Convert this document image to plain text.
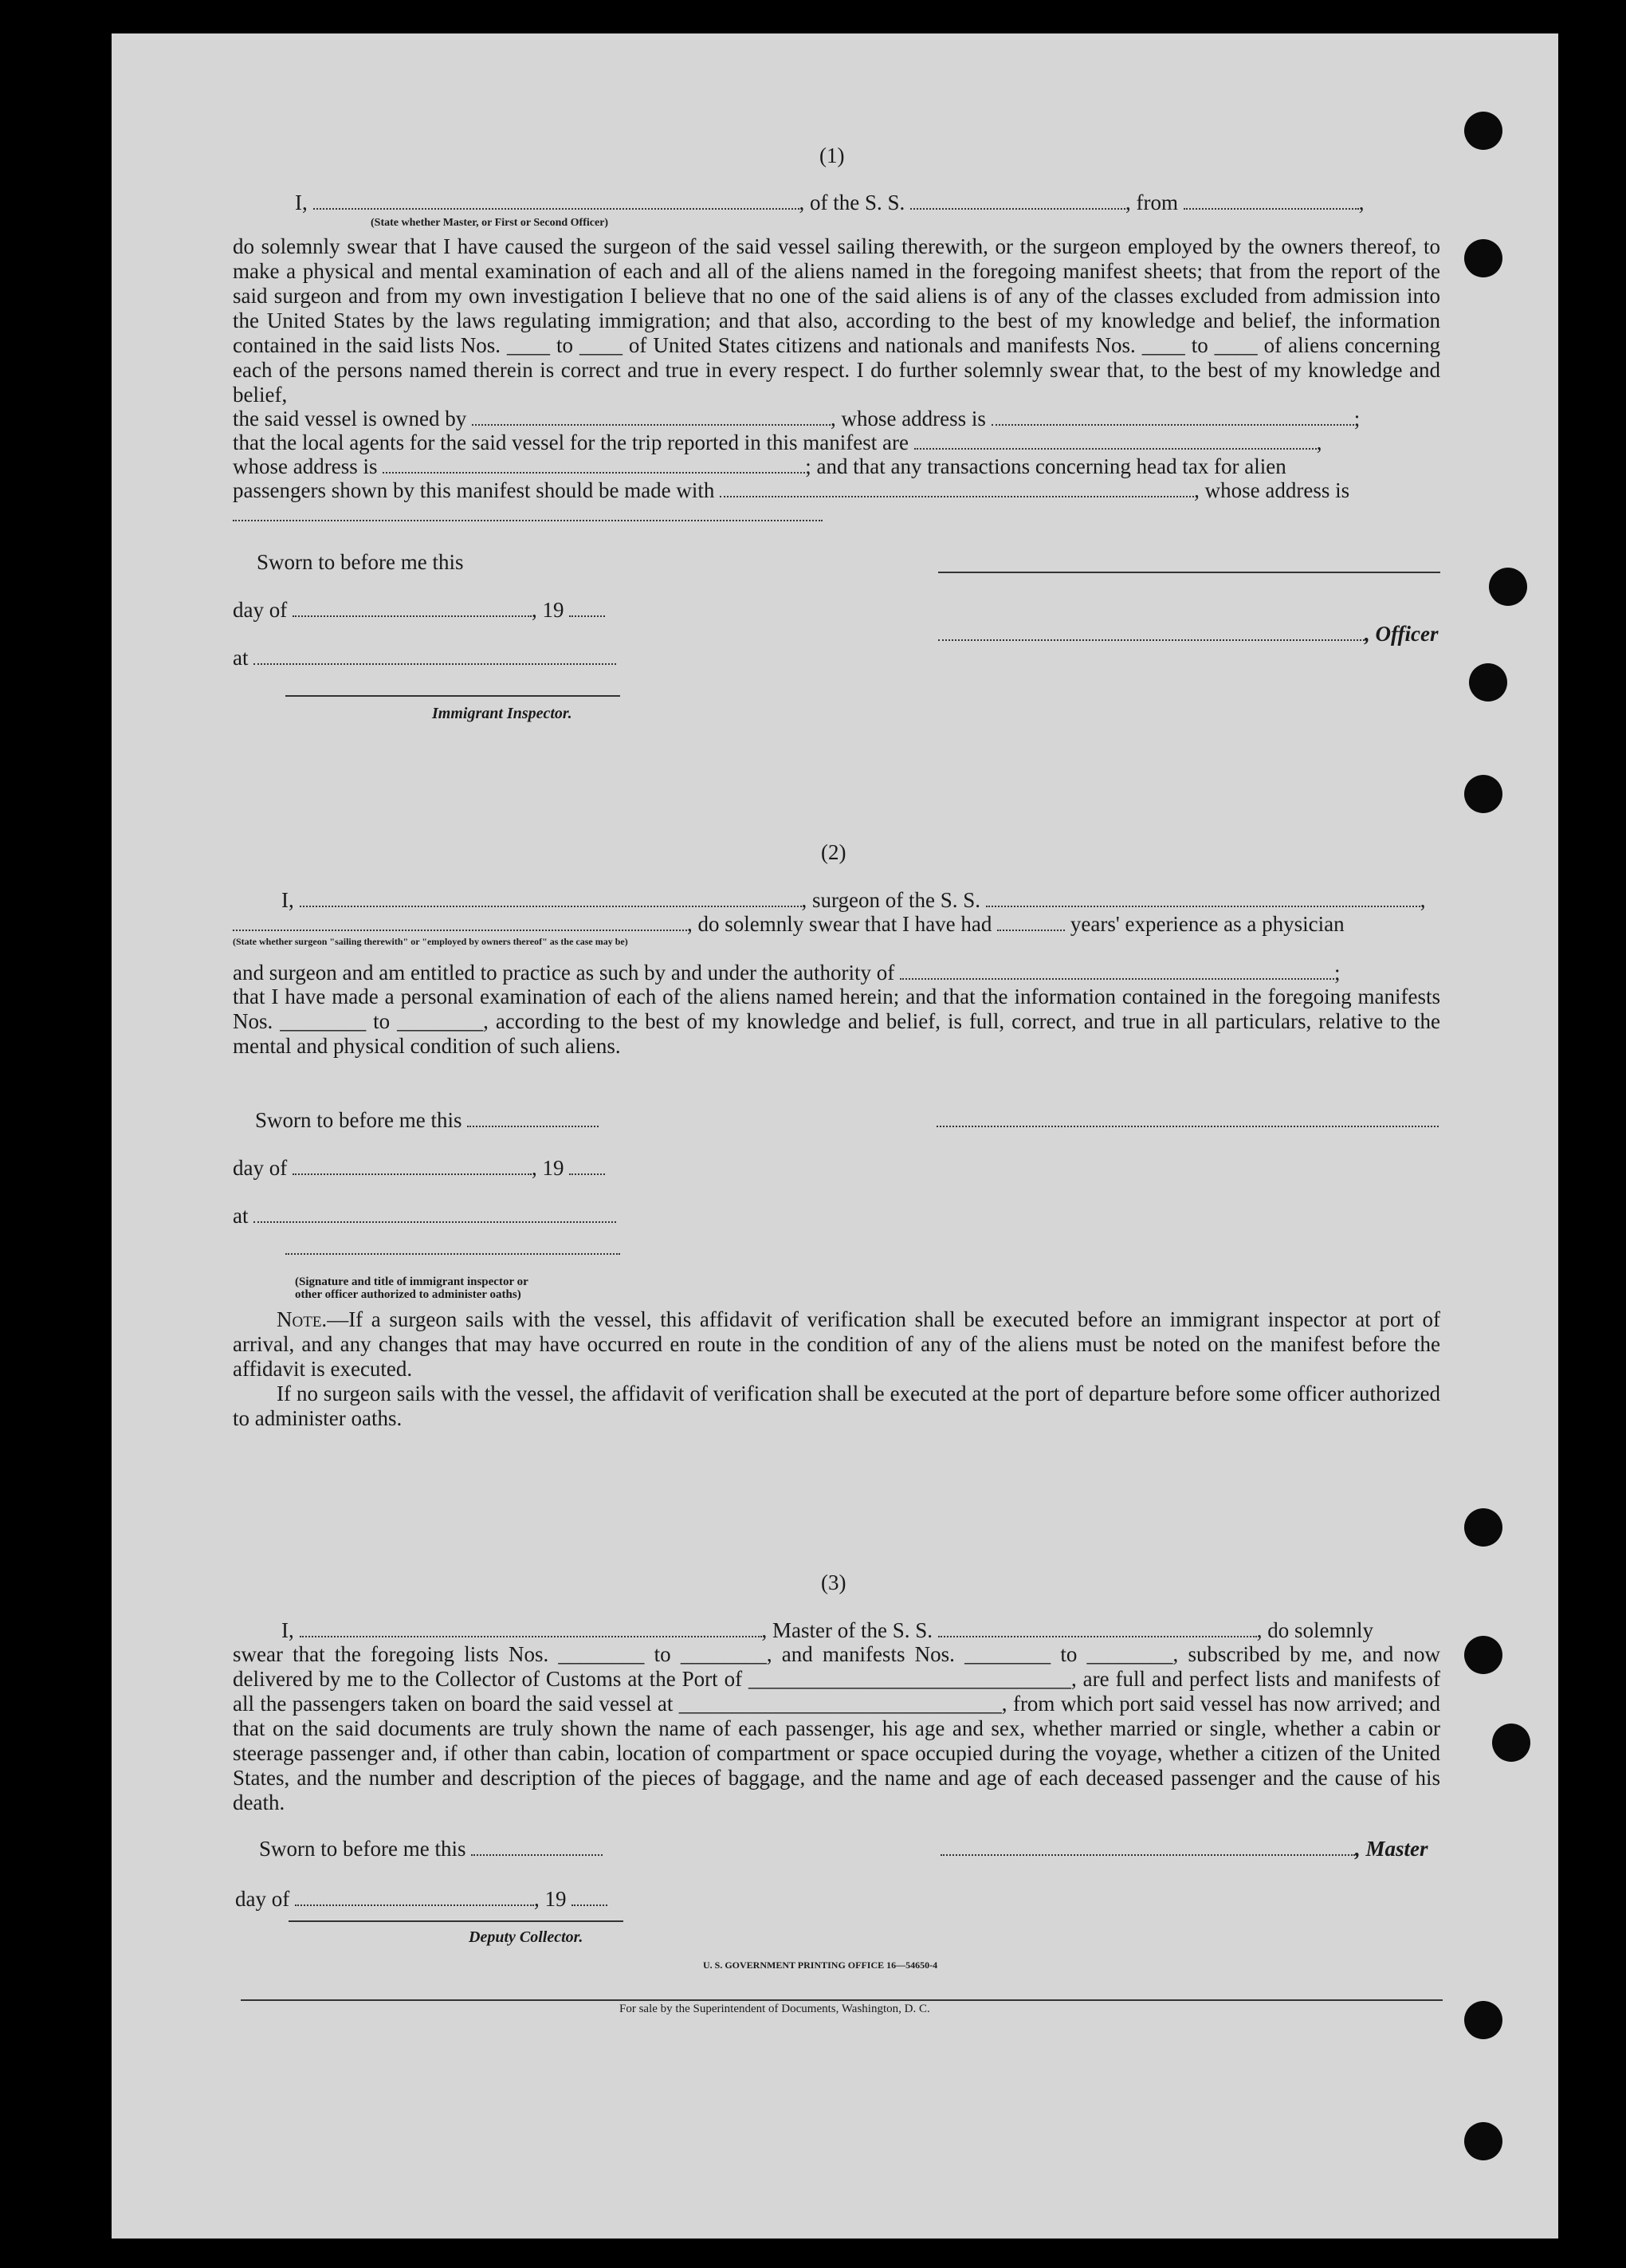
(1)
I,	, of the S. S.	, from	,
(State whether Master, or First or Second Officer)
do solemnly swear that I have caused the surgeon of the said vessel sailing therewith, or the surgeon employed by the owners thereof, to make a physical and mental examination of each and all of the aliens named in the foregoing manifest sheets; that from the report of the said surgeon and from my own investigation I believe that no one of the said aliens is of any of the classes excluded from admission into the United States by the laws regulating immigration; and that also, according to the best of my knowledge and belief, the information contained in the said lists Nos. ____ to ____ of United States citizens and nationals and manifests Nos. ____ to ____ of aliens concerning each of the persons named therein is correct and true in every respect. I do further solemnly swear that, to the best of my knowledge and belief,
the said vessel is owned by	, whose address is	;
that the local agents for the said vessel for the trip reported in this manifest are	,
whose address is	; and that any transactions concerning head tax for alien
passengers shown by this manifest should be made with	, whose address is
Sworn to before me this
day of	, 19
, Officer
at
Immigrant Inspector.
(2)
I,	, surgeon of the S. S.	,
, do solemnly swear that I have had	years' experience as a physician
(State whether surgeon "sailing therewith" or "employed by owners thereof" as the case may be)
and surgeon and am entitled to practice as such by and under the authority of	;
that I have made a personal examination of each of the aliens named herein; and that the information contained in the foregoing manifests Nos. ________ to ________, according to the best of my knowledge and belief, is full, correct, and true in all particulars, relative to the mental and physical condition of such aliens.
Sworn to before me this
day of	, 19
at
(Signature and title of immigrant inspector or
other officer authorized to administer oaths)
Note.—If a surgeon sails with the vessel, this affidavit of verification shall be executed before an immigrant inspector at port of arrival, and any changes that may have occurred en route in the condition of any of the aliens must be noted on the manifest before the affidavit is executed.
If no surgeon sails with the vessel, the affidavit of verification shall be executed at the port of departure before some officer authorized to administer oaths.
(3)
I,	, Master of the S. S.	, do solemnly
swear that the foregoing lists Nos. ________ to ________, and manifests Nos. ________ to ________, subscribed by me, and now delivered by me to the Collector of Customs at the Port of ______________________________, are full and perfect lists and manifests of all the passengers taken on board the said vessel at ______________________________, from which port said vessel has now arrived; and that on the said documents are truly shown the name of each passenger, his age and sex, whether married or single, whether a cabin or steerage passenger and, if other than cabin, location of compartment or space occupied during the voyage, whether a citizen of the United States, and the number and description of the pieces of baggage, and the name and age of each deceased passenger and the cause of his death.
Sworn to before me this	, Master
day of	, 19
Deputy Collector.
U. S. GOVERNMENT PRINTING OFFICE 16—54650-4
For sale by the Superintendent of Documents, Washington, D. C.
